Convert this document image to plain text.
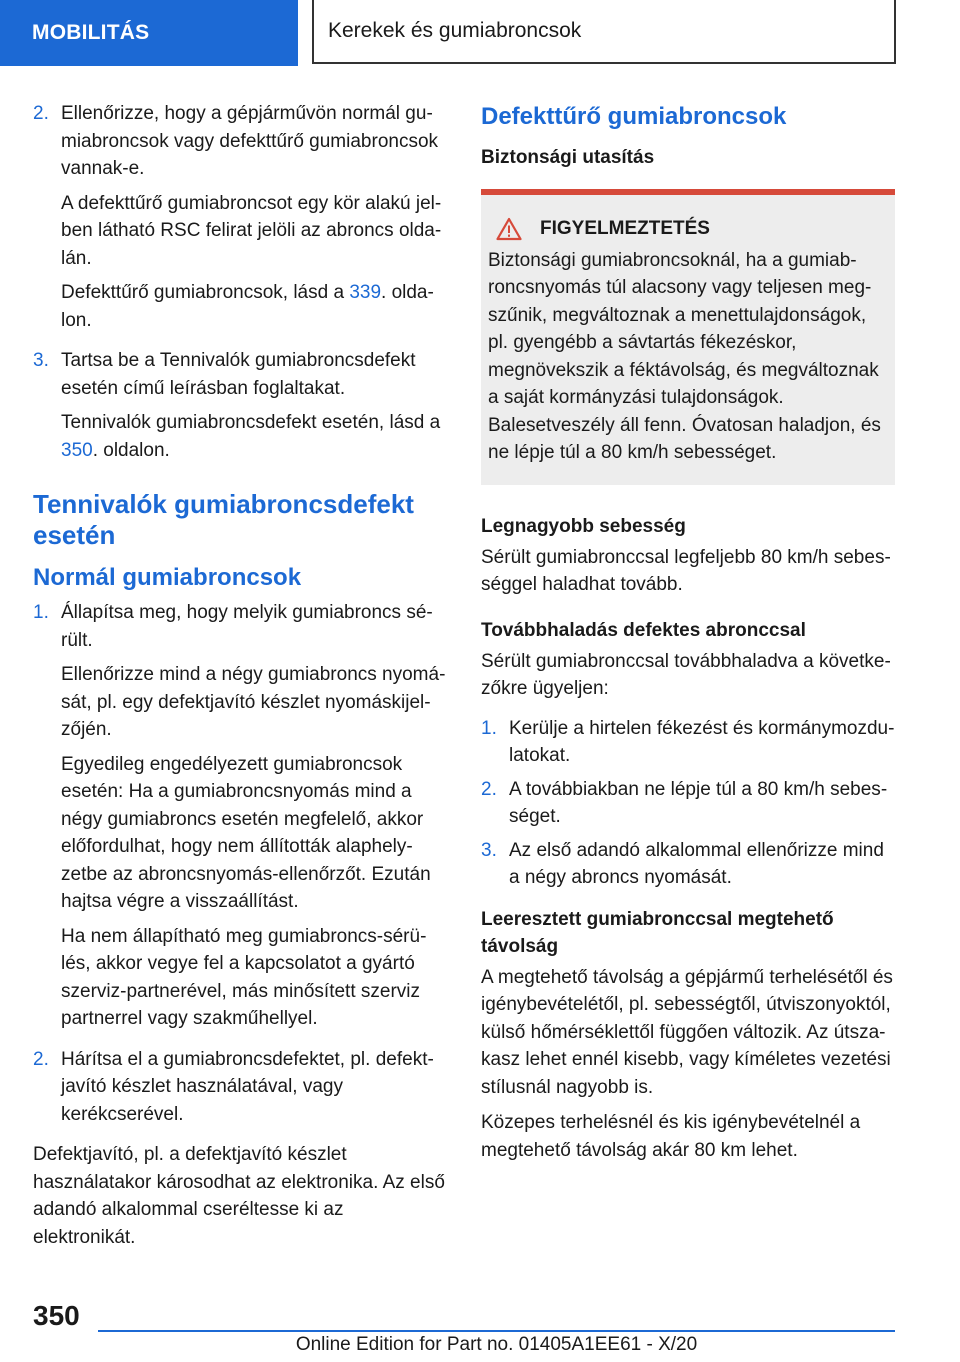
MOBILITÁS	Kerekek és gumiabroncsok
2. Ellenőrizze, hogy a gépjárművön normál gumiabroncsok vagy defekttűrő gumiabroncsok vannak-e.

A defekttűrő gumiabroncsot egy kör alakú jelben látható RSC felirat jelöli az abroncs oldalán.

Defekttűrő gumiabroncsok, lásd a 339. oldalon.

3. Tartsa be a Tennivalók gumiabroncsdefekt esetén című leírásban foglaltakat.

Tennivalók gumiabroncsdefekt esetén, lásd a 350. oldalon.

Tennivalók gumiabroncsdefekt esetén
Normál gumiabroncsok
1. Állapítsa meg, hogy melyik gumiabroncs sérült.

Ellenőrizze mind a négy gumiabroncs nyomását, pl. egy defektjavító készlet nyomáskijelzőjén.

Egyedileg engedélyezett gumiabroncsok esetén: Ha a gumiabroncsnyomás mind a négy gumiabroncs esetén megfelelő, akkor előfordulhat, hogy nem állították alaphelyzetbe az abroncsnyomás-ellenőrzőt. Ezután hajtsa végre a visszaállítást.

Ha nem állapítható meg gumiabroncs-sérülés, akkor vegye fel a kapcsolatot a gyártó szerviz-partnerével, más minősített szerviz partnerrel vagy szakműhellyel.

2. Hárítsa el a gumiabroncsdefektet, pl. defektjavító készlet használatával, vagy kerékcserével.

Defektjavító, pl. a defektjavító készlet használatakor károsodhat az elektronika. Az első adandó alkalommal cseréltesse ki az elektronikát.

Defekttűrő gumiabroncsok
Biztonsági utasítás
FIGYELMEZTETÉS
Biztonsági gumiabroncsoknál, ha a gumiabroncsnyomás túl alacsony vagy teljesen megszűnik, megváltoznak a menettulajdonságok, pl. gyengébb a sávtartás fékezéskor, megnövekszik a féktávolság, és megváltoznak a saját kormányzási tulajdonságok. Balesetveszély áll fenn. Óvatosan haladjon, és ne lépje túl a 80 km/h sebességet.
Legnagyobb sebesség

Sérült gumiabronccsal legfeljebb 80 km/h sebességgel haladhat tovább.

Továbbhaladás defektes abronccsal

Sérült gumiabronccsal továbbhaladva a következőkre ügyeljen:

1. Kerülje a hirtelen fékezést és kormánymozdulatokat.
2. A továbbiakban ne lépje túl a 80 km/h sebességet.
3. Az első adandó alkalommal ellenőrizze mind a négy abroncs nyomását.
Leeresztett gumiabronccsal megtehető távolság

A megtehető távolság a gépjármű terhelésétől és igénybevételétől, pl. sebességtől, útviszonyoktól, külső hőmérséklettől függően változik. Az útszakasz lehet ennél kisebb, vagy kíméletes vezetési stílusnál nagyobb is.

Közepes terhelésnél és kis igénybevételnél a megtehető távolság akár 80 km lehet.

350
Online Edition for Part no. 01405A1EE61 - X/20
